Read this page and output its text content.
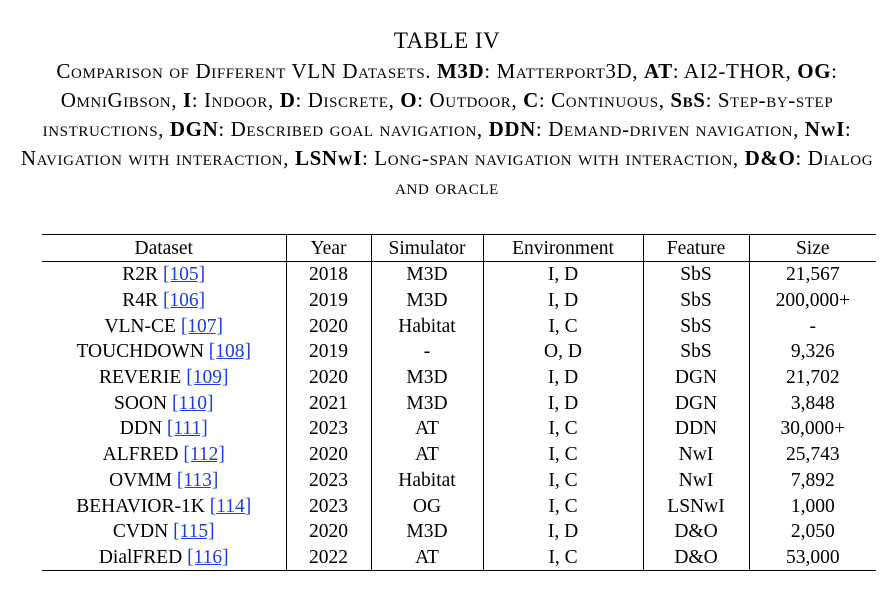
TABLE IV
Comparison of Different VLN Datasets. M3D: Matterport3D, AT: AI2-THOR, OG: OmniGibson, I: Indoor, D: Discrete, O: Outdoor, C: Continuous, SbS: Step-by-step instructions, DGN: Described goal navigation, DDN: Demand-driven navigation, NwI: Navigation with interaction, LSNwI: Long-span navigation with interaction, D&O: Dialog and oracle
Dataset	Year	Simulator	Environment	Feature	Size
R2R [105]	2018	M3D	I, D	SbS	21,567
R4R [106]	2019	M3D	I, D	SbS	200,000+
VLN-CE [107]	2020	Habitat	I, C	SbS	-
TOUCHDOWN [108]	2019	-	O, D	SbS	9,326
REVERIE [109]	2020	M3D	I, D	DGN	21,702
SOON [110]	2021	M3D	I, D	DGN	3,848
DDN [111]	2023	AT	I, C	DDN	30,000+
ALFRED [112]	2020	AT	I, C	NwI	25,743
OVMM [113]	2023	Habitat	I, C	NwI	7,892
BEHAVIOR-1K [114]	2023	OG	I, C	LSNwI	1,000
CVDN [115]	2020	M3D	I, D	D&O	2,050
DialFRED [116]	2022	AT	I, C	D&O	53,000
